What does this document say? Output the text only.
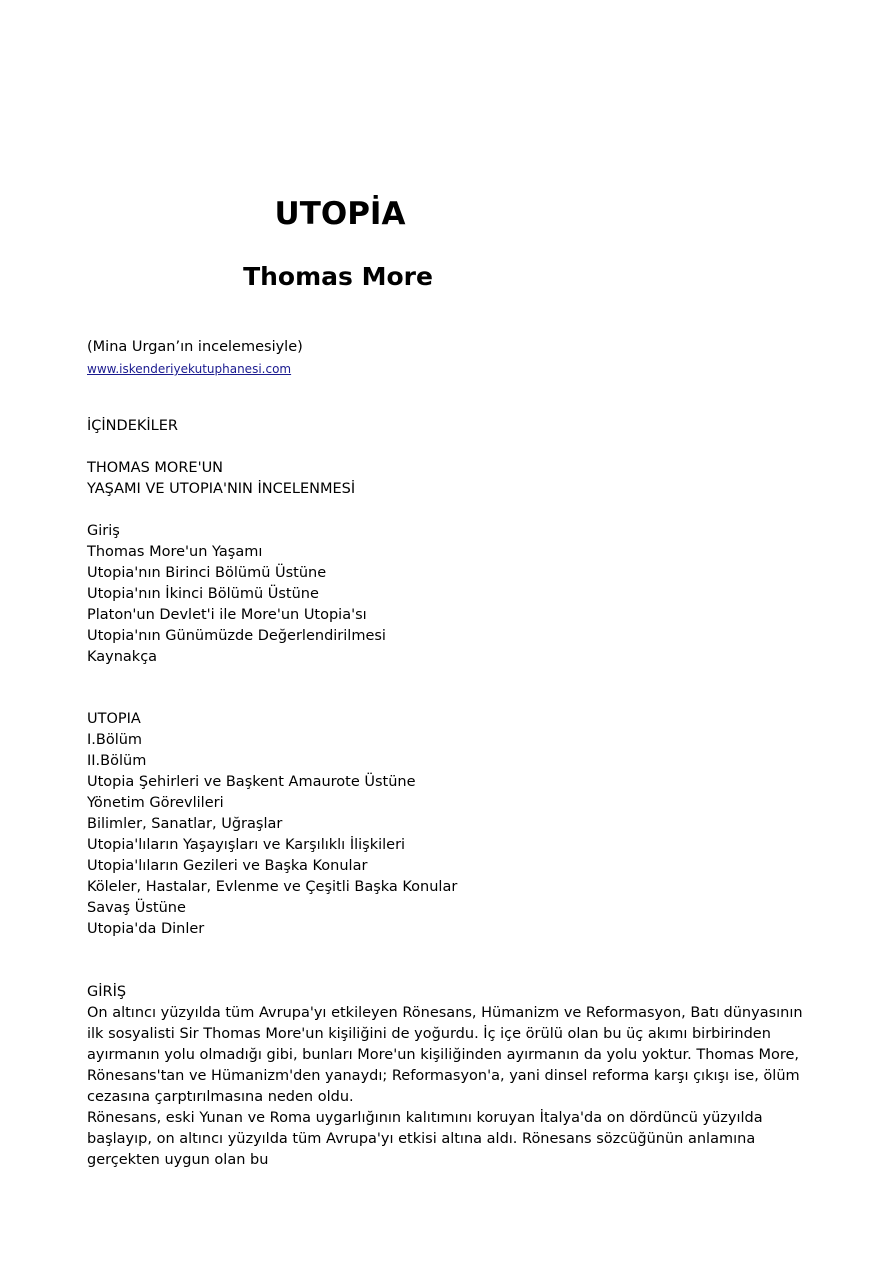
UTOPİA
Thomas More
(Mina Urgan’ın incelemesiyle)
www.iskenderiyekutuphanesi.com
İÇİNDEKİLER
THOMAS MORE'UN
YAŞAMI VE UTOPIA'NIN İNCELENMESİ
Giriş
Thomas More'un Yaşamı
Utopia'nın Birinci Bölümü Üstüne
Utopia'nın İkinci Bölümü Üstüne
Platon'un Devlet'i ile More'un Utopia'sı
Utopia'nın Günümüzde Değerlendirilmesi
Kaynakça
UTOPIA
I.Bölüm
II.Bölüm
Utopia Şehirleri ve Başkent Amaurote Üstüne
Yönetim Görevlileri
Bilimler, Sanatlar, Uğraşlar
Utopia'lıların Yaşayışları ve Karşılıklı İlişkileri
Utopia'lıların Gezileri ve Başka Konular
Köleler, Hastalar, Evlenme ve Çeşitli Başka Konular
Savaş Üstüne
Utopia'da Dinler
GİRİŞ

On altıncı yüzyılda tüm Avrupa'yı etkileyen Rönesans, Hümanizm ve Reformasyon, Batı dünyasının ilk sosyalisti Sir Thomas More'un kişiliğini de yoğurdu. İç içe örülü olan bu üç akımı birbirinden ayırmanın yolu olmadığı gibi, bunları More'un kişiliğinden ayırmanın da yolu yoktur. Thomas More, Rönesans'tan ve Hümanizm'den yanaydı; Reformasyon'a, yani dinsel reforma karşı çıkışı ise, ölüm cezasına çarptırılmasına neden oldu.

Rönesans, eski Yunan ve Roma uygarlığının kalıtımını koruyan İtalya'da on dördüncü yüzyılda başlayıp, on altıncı yüzyılda tüm Avrupa'yı etkisi altına aldı. Rönesans sözcüğünün anlamına gerçekten uygun olan bu
